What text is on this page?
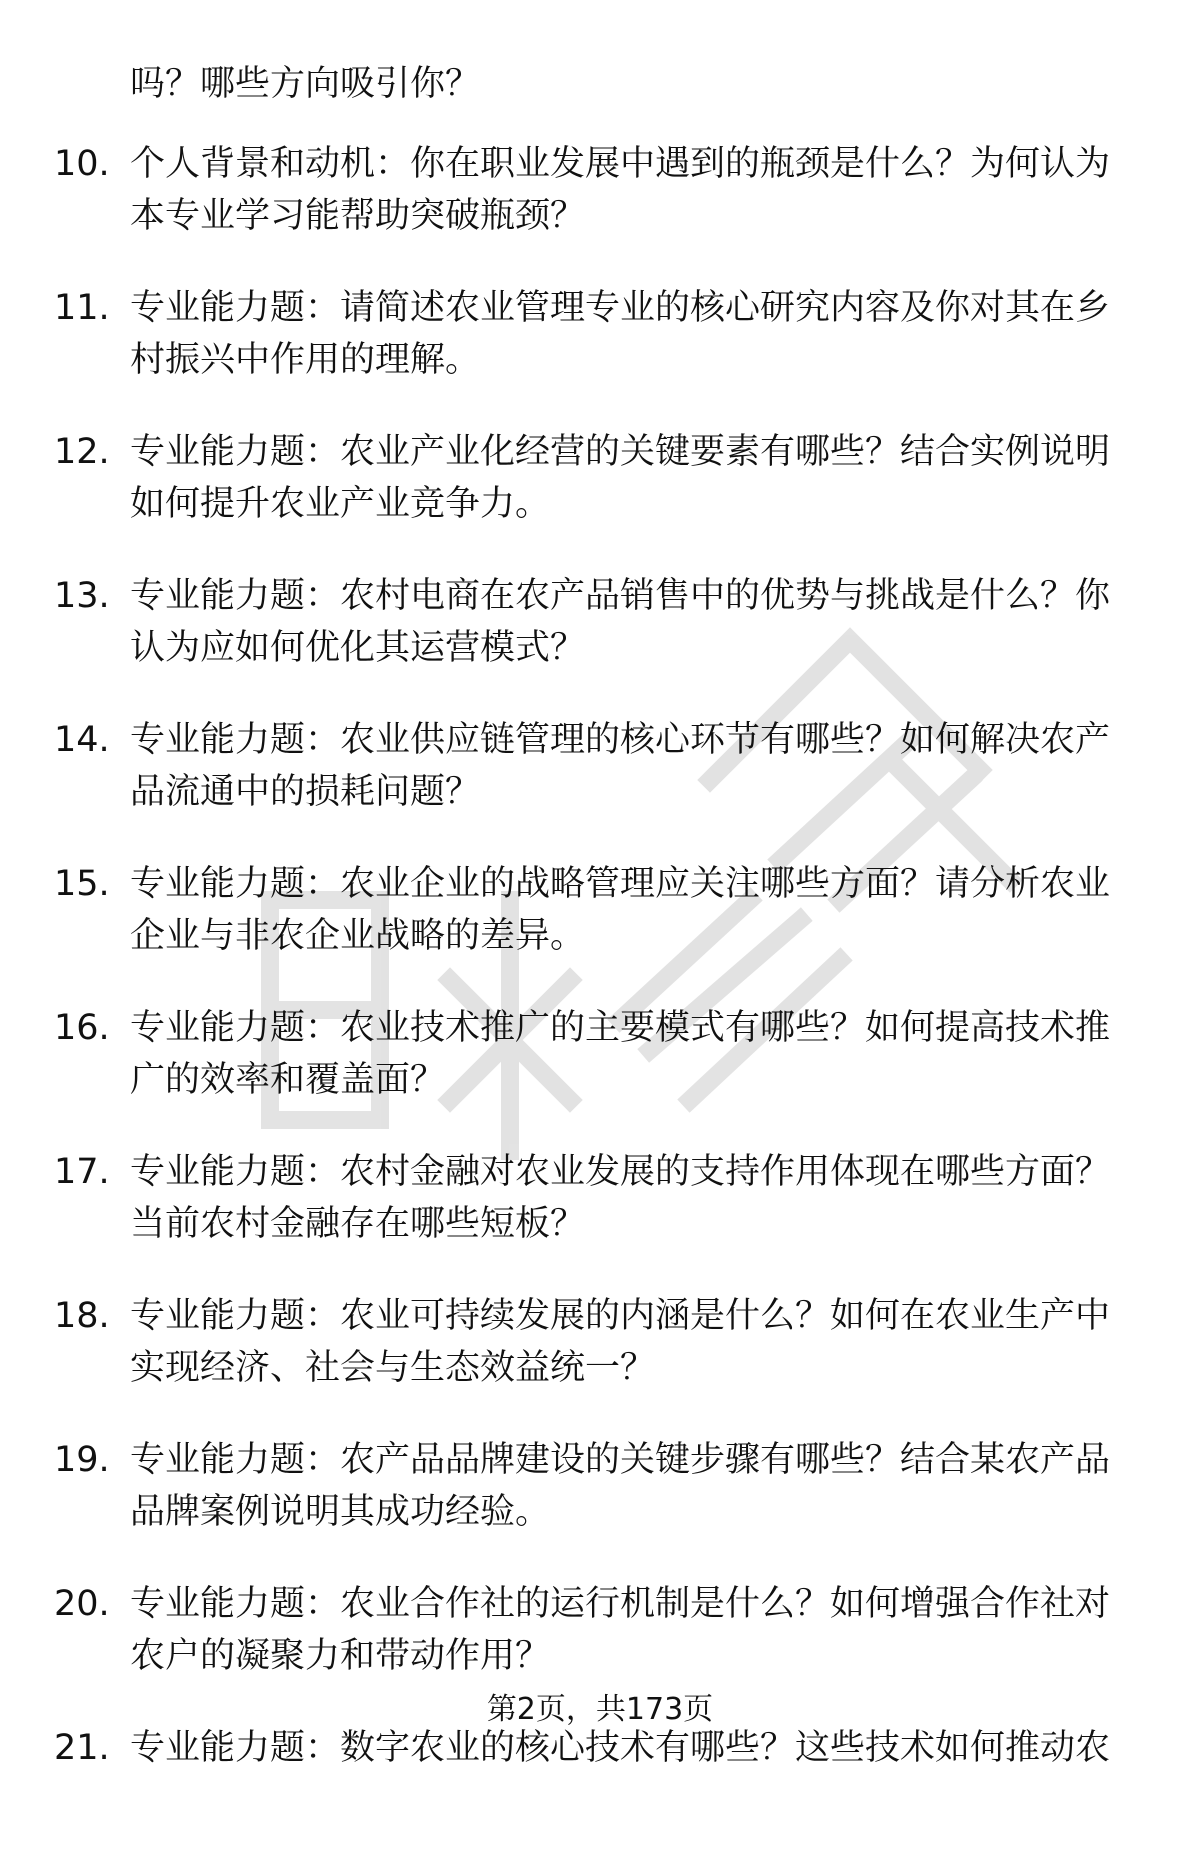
吗？哪些方向吸引你？
10. 个人背景和动机：你在职业发展中遇到的瓶颈是什么？为何认为
本专业学习能帮助突破瓶颈？
11. 专业能力题：请简述农业管理专业的核心研究内容及你对其在乡
村振兴中作用的理解。
12. 专业能力题：农业产业化经营的关键要素有哪些？结合实例说明
如何提升农业产业竞争力。
13. 专业能力题：农村电商在农产品销售中的优势与挑战是什么？你
认为应如何优化其运营模式？
14. 专业能力题：农业供应链管理的核心环节有哪些？如何解决农产
品流通中的损耗问题？
15. 专业能力题：农业企业的战略管理应关注哪些方面？请分析农业
企业与非农企业战略的差异。
16. 专业能力题：农业技术推广的主要模式有哪些？如何提高技术推
广的效率和覆盖面？
17. 专业能力题：农村金融对农业发展的支持作用体现在哪些方面？
当前农村金融存在哪些短板？
18. 专业能力题：农业可持续发展的内涵是什么？如何在农业生产中
实现经济、社会与生态效益统一？
19. 专业能力题：农产品品牌建设的关键步骤有哪些？结合某农产品
品牌案例说明其成功经验。
20. 专业能力题：农业合作社的运行机制是什么？如何增强合作社对
农户的凝聚力和带动作用？
21. 专业能力题：数字农业的核心技术有哪些？这些技术如何推动农
第2页，共173页
